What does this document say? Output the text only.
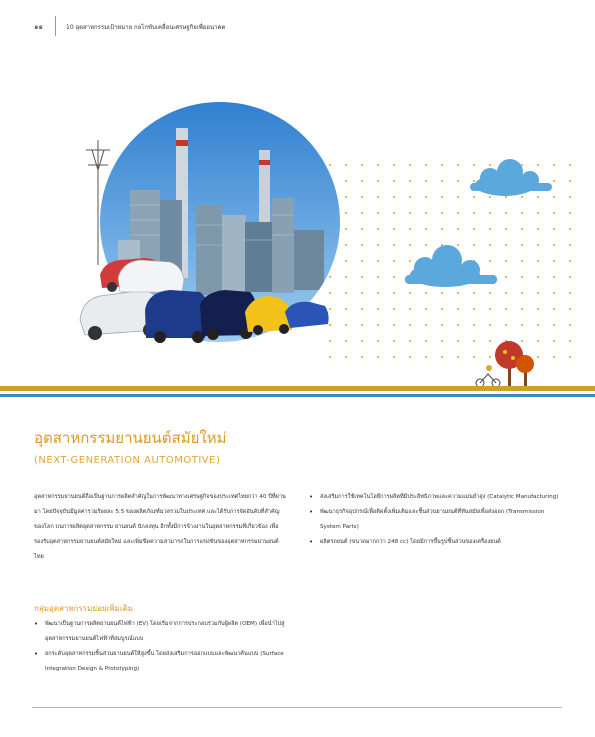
๑๑	10 อุตสาหกรรมเป้าหมาย กลไกขับเคลื่อนเศรษฐกิจเพื่ออนาคต
อุตสาหกรรมยานยนต์สมัยใหม่
(NEXT-GENERATION AUTOMOTIVE)

อุตสาหกรรมยานยนต์ถือเป็นฐานการผลิตสำคัญในการพัฒนาทางเศรษฐกิจของประเทศไทยกว่า 40 ปีที่ผ่านมา โดยปัจจุบันมีมูลค่ารวมร้อยละ 5.5 ของผลิตภัณฑ์มวลรวมในประเทศ และได้รับการจัดอันดับที่สำคัญของโลก บนการผลิตอุตสาหกรรม ยานยนต์ นักลงทุน อีกทั้งมีการจ้างงานในอุตสาหกรรมที่เกี่ยวข้อง เพื่อรองรับอุตสาหกรรมยานยนต์สมัยใหม่ และเพิ่มขีดความสามารถในการแข่งขันของอุตสาหกรรมยานยนต์ไทย

กลุ่มอุตสาหกรรมย่อยเพิ่มเติม

• พัฒนาเป็นฐานการผลิตยานยนต์ไฟฟ้า (EV) โดยเริ่มจากการประกอบร่วมกับผู้ผลิต (OEM) เพื่อนำไปสู่อุตสาหกรรมยานยนต์ไฟฟ้าที่สมบูรณ์แบบ

• ยกระดับอุตสาหกรรมชิ้นส่วนยานยนต์ให้สูงขึ้น โดยส่งเสริมการออกแบบและพัฒนาต้นแบบ (Surface Integration Design & Prototyping)

• ส่งเสริมการใช้เทคโนโลยีการผลิตที่มีประสิทธิภาพและความแม่นยำสูง (Catalytic Manufacturing)

• พัฒนาธุรกิจอุปกรณ์เพื่อติดตั้งเพิ่มเติมและชิ้นส่วนยานยนต์ที่ทันสมัยเพื่อส่งออก (Transmission System Parts)

• ผลิตรถยนต์ (ขนาดมากกว่า 248 cc) โดยมีการขึ้นรูปชิ้นส่วนของเครื่องยนต์
